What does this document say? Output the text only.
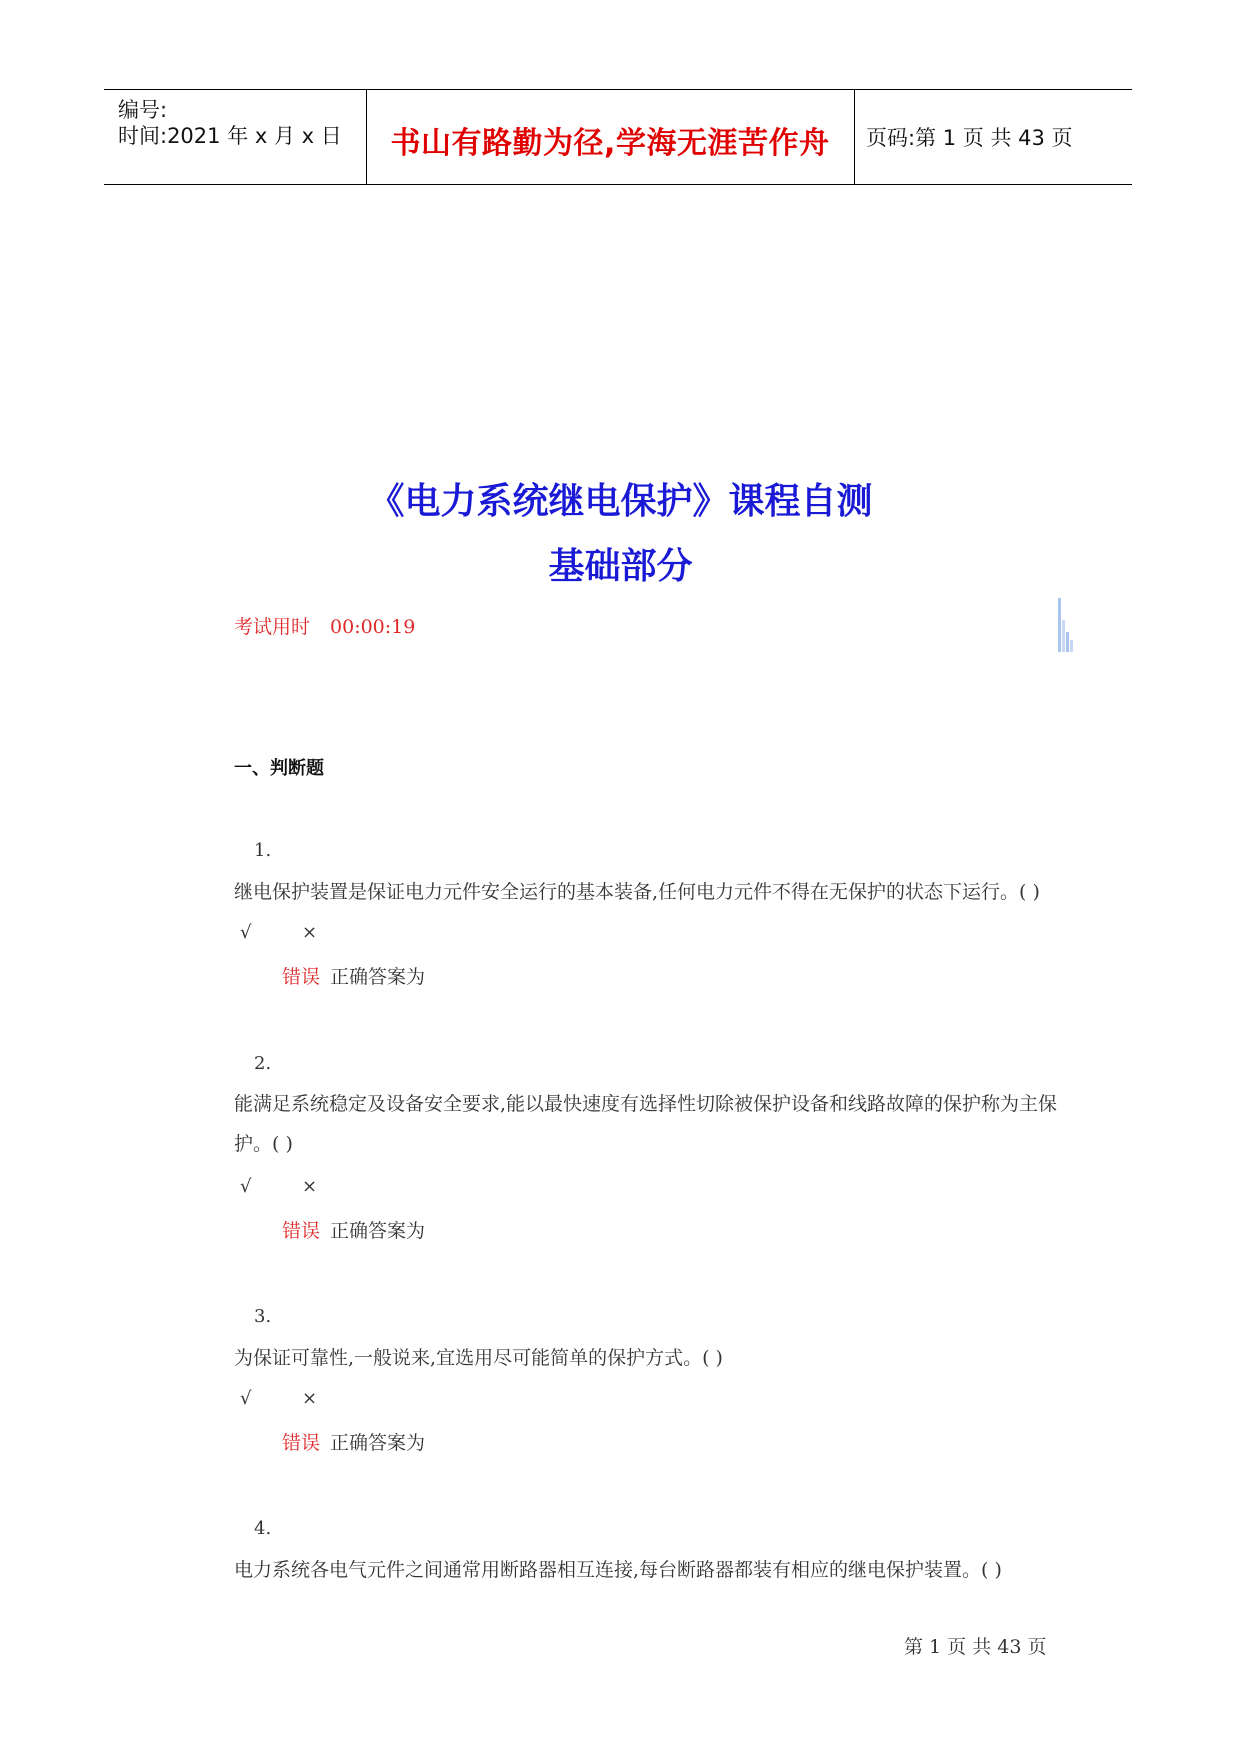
编号:
时间:2021 年 x 月 x 日	书山有路勤为径,学海无涯苦作舟	页码:第 1 页 共 43 页
《电力系统继电保护》课程自测
基础部分
考试用时 00:00:19
一、判断题
1.
继电保护装置是保证电力元件安全运行的基本装备,任何电力元件不得在无保护的状态下运行。( )
√	×
错误 正确答案为
2.
能满足系统稳定及设备安全要求,能以最快速度有选择性切除被保护设备和线路故障的保护称为主保护。( )
√	×
错误 正确答案为
3.
为保证可靠性,一般说来,宜选用尽可能简单的保护方式。( )
√	×
错误 正确答案为
4.
电力系统各电气元件之间通常用断路器相互连接,每台断路器都装有相应的继电保护装置。( )
第 1 页 共 43 页
